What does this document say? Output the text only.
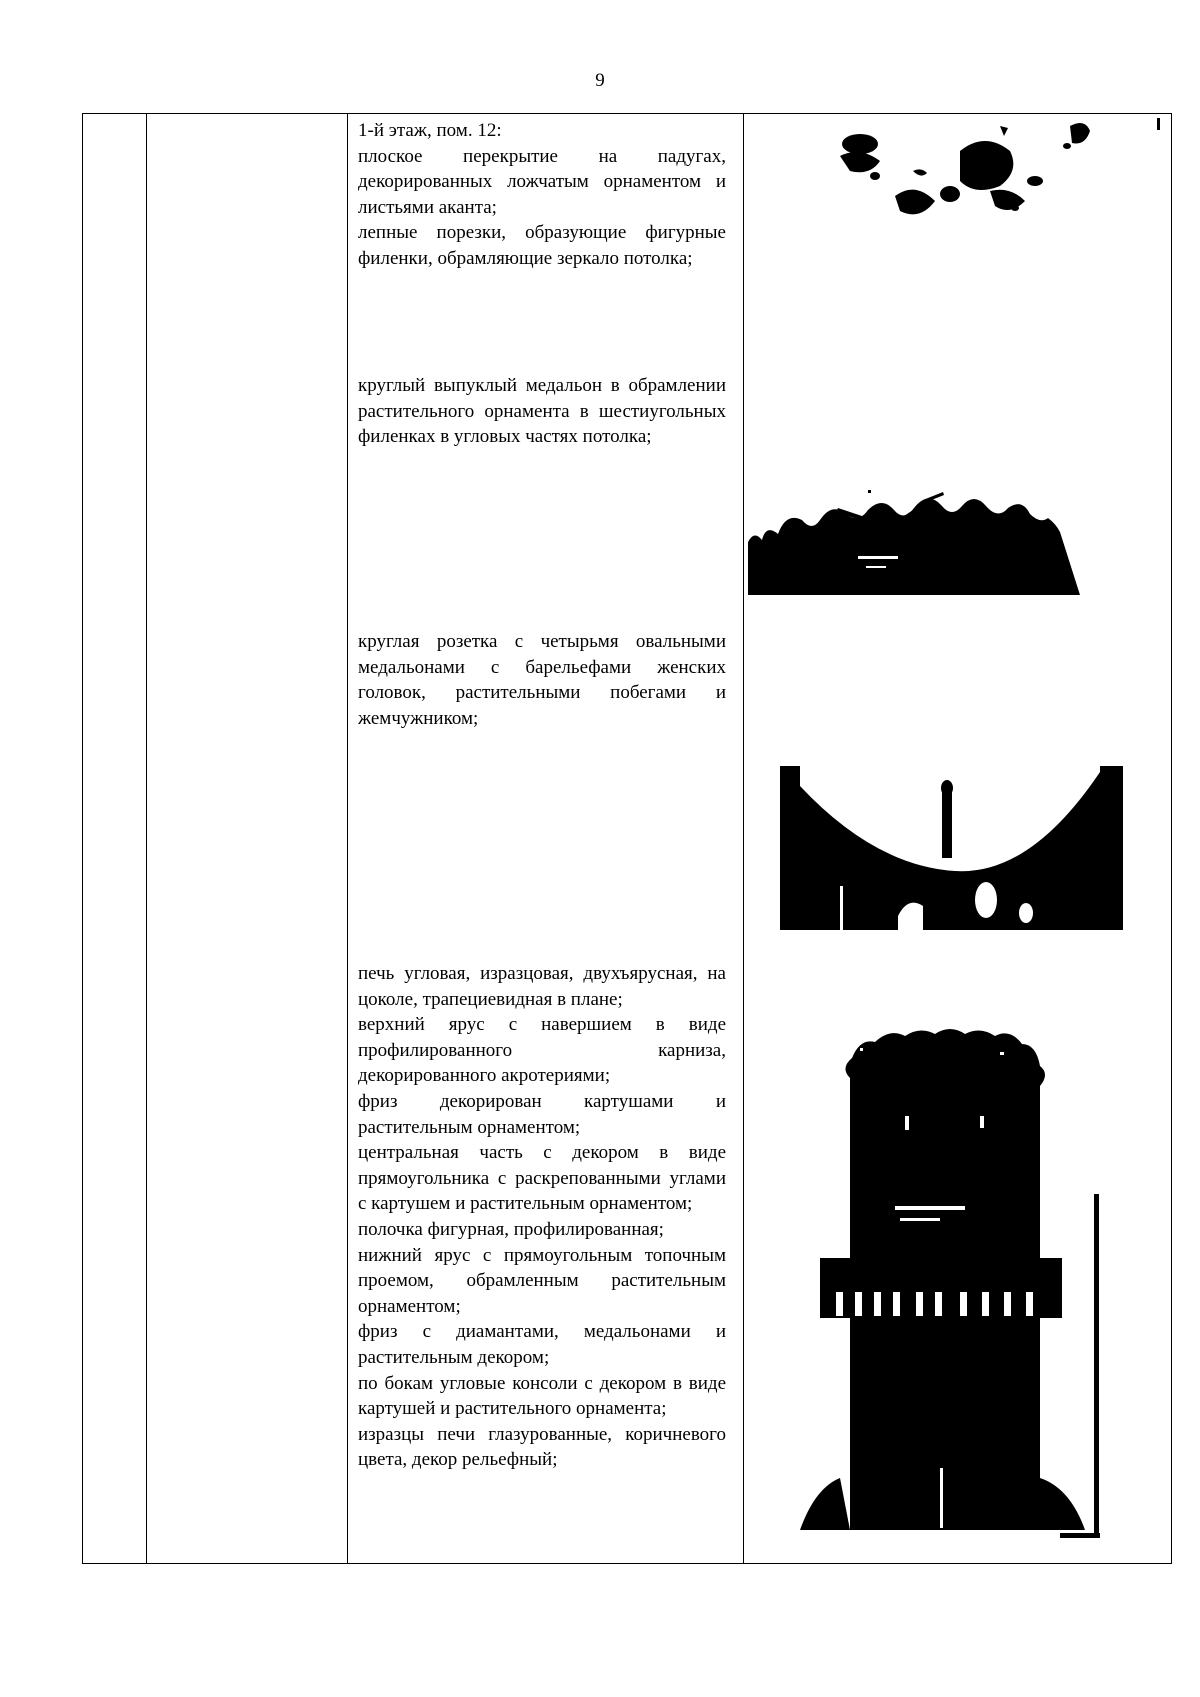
9

1-й этаж, пом. 12:

плоское перекрытие на падугах, декорированных ложчатым орнаментом и листьями аканта;

лепные порезки, образующие фигурные филенки, обрамляющие зеркало потолка;

круглый выпуклый медальон в обрамлении растительного орнамента в шестиугольных филенках в угловых частях потолка;

круглая розетка с четырьмя овальными медальонами с барельефами женских головок, растительными побегами и жемчужником;

печь угловая, изразцовая, двухъярусная, на цоколе, трапециевидная в плане;

верхний ярус с навершием в виде профилированного карниза, декорированного акротериями;

фриз декорирован картушами и растительным орнаментом;

центральная часть с декором в виде прямоугольника с раскрепованными углами с картушем и растительным орнаментом;

полочка фигурная, профилированная;

нижний ярус с прямоугольным топочным проемом, обрамленным растительным орнаментом;

фриз с диамантами, медальонами и растительным декором;

по бокам угловые консоли с декором в виде картушей и растительного орнамента;

изразцы печи глазурованные, коричневого цвета, декор рельефный;
